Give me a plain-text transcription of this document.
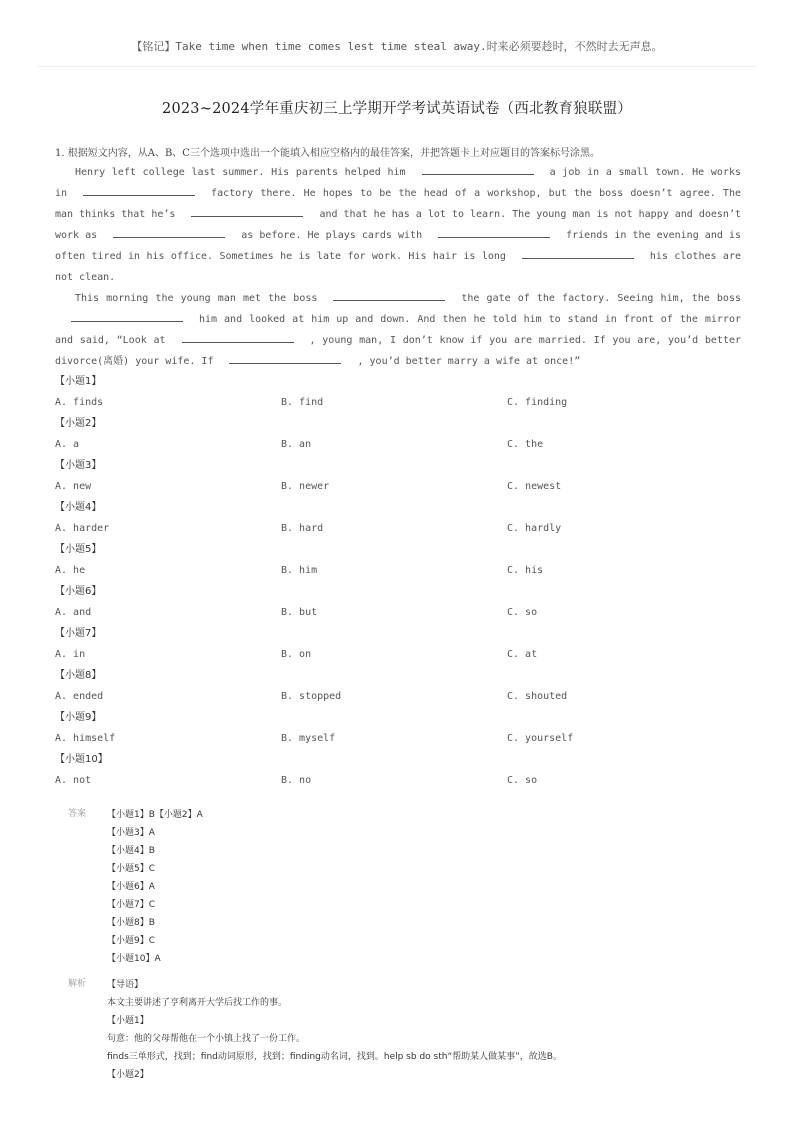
【铭记】Take time when time comes lest time steal away.时来必须要趁时，不然时去无声息。
2023~2024学年重庆初三上学期开学考试英语试卷（西北教育狼联盟）
1. 根据短文内容，从A、B、C三个选项中选出一个能填入相应空格内的最佳答案，并把答题卡上对应题目的答案标号涂黑。

Henry left college last summer. His parents helped him	a job in a small town. He works in	factory there. He hopes to be the head of a workshop, but the boss doesn’t agree. The man thinks that he’s	and that he has a lot to learn. The young man is not happy and doesn’t work as	as before. He plays cards with	friends in the evening and is often tired in his office. Sometimes he is late for work. His hair is long	his clothes are not clean.

This morning the young man met the boss	the gate of the factory. Seeing him, the bosshim and looked at him up and down. And then he told him to stand in front of the mirror and said, “Look at	, young man, I don’t know if you are married. If you are, you’d better divorce(离婚) your wife. If	, you’d better marry a wife at once!”

【小题1】
A. finds	B. find	C. finding
【小题2】
A. a	B. an	C. the
【小题3】
A. new	B. newer	C. newest
【小题4】
A. harder	B. hard	C. hardly
【小题5】
A. he	B. him	C. his
【小题6】
A. and	B. but	C. so
【小题7】
A. in	B. on	C. at
【小题8】
A. ended	B. stopped	C. shouted
【小题9】
A. himself	B. myself	C. yourself
【小题10】
A. not	B. no	C. so
答案 【小题1】B【小题2】A
【小题3】A
【小题4】B
【小题5】C
【小题6】A
【小题7】C
【小题8】B
【小题9】C
【小题10】A
解析 【导语】
本文主要讲述了亨利离开大学后找工作的事。
【小题1】
句意：他的父母帮他在一个小镇上找了一份工作。
finds三单形式，找到；find动词原形，找到；finding动名词，找到。help sb do sth“帮助某人做某事”，故选B。
【小题2】
